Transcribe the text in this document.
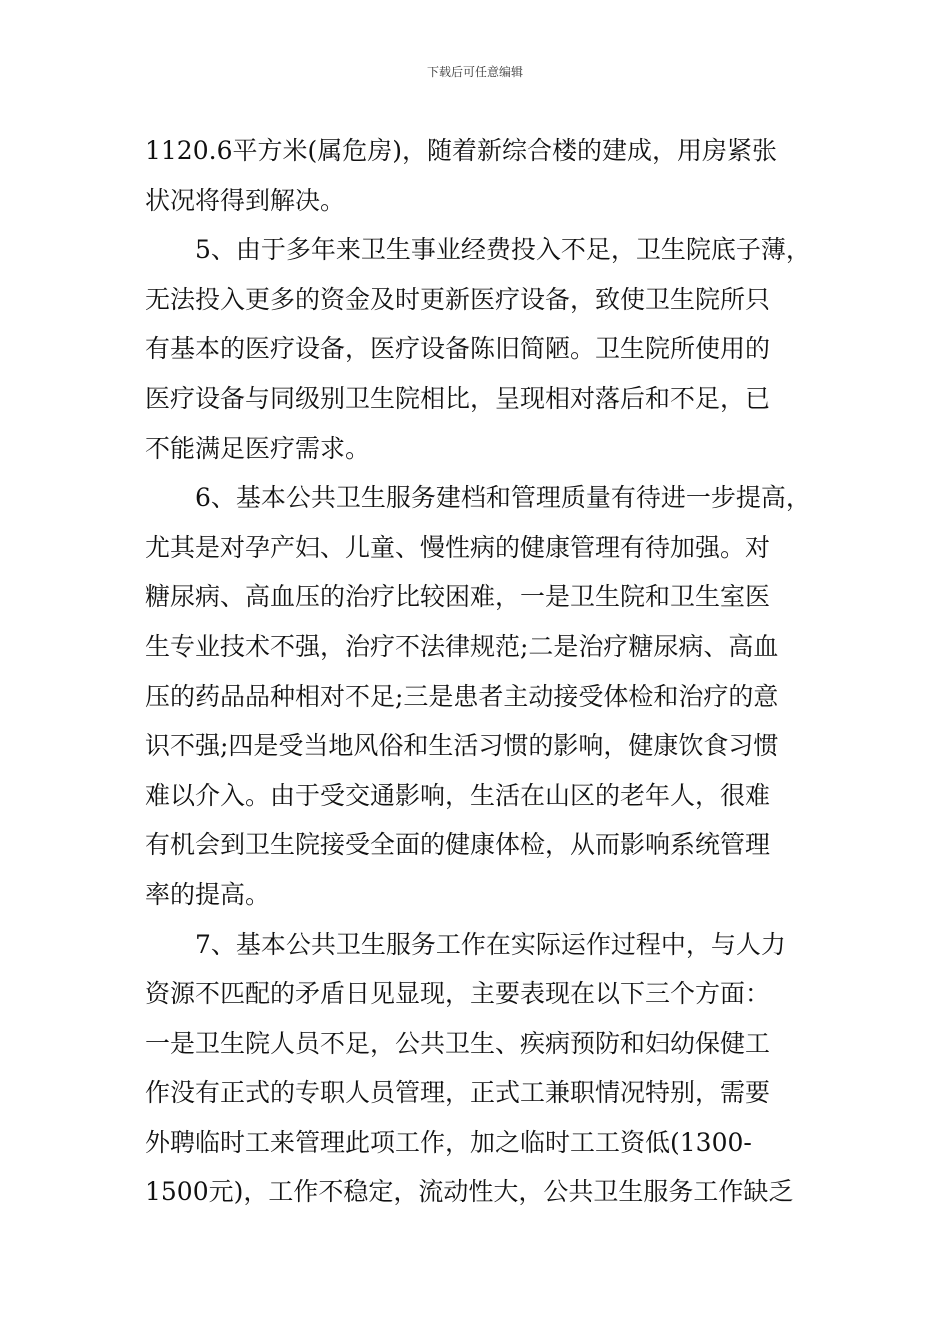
下载后可任意编辑
1120.6平方米(属危房)，随着新综合楼的建成，用房紧张
状况将得到解决。
5、由于多年来卫生事业经费投入不足，卫生院底子薄，
无法投入更多的资金及时更新医疗设备，致使卫生院所只
有基本的医疗设备，医疗设备陈旧简陋。卫生院所使用的
医疗设备与同级别卫生院相比，呈现相对落后和不足，已
不能满足医疗需求。
6、基本公共卫生服务建档和管理质量有待进一步提高，
尤其是对孕产妇、儿童、慢性病的健康管理有待加强。对
糖尿病、高血压的治疗比较困难，一是卫生院和卫生室医
生专业技术不强，治疗不法律规范;二是治疗糖尿病、高血
压的药品品种相对不足;三是患者主动接受体检和治疗的意
识不强;四是受当地风俗和生活习惯的影响，健康饮食习惯
难以介入。由于受交通影响，生活在山区的老年人，很难
有机会到卫生院接受全面的健康体检，从而影响系统管理
率的提高。
7、基本公共卫生服务工作在实际运作过程中，与人力
资源不匹配的矛盾日见显现，主要表现在以下三个方面：
一是卫生院人员不足，公共卫生、疾病预防和妇幼保健工
作没有正式的专职人员管理，正式工兼职情况特别，需要
外聘临时工来管理此项工作，加之临时工工资低(1300-
1500元)，工作不稳定，流动性大，公共卫生服务工作缺乏
